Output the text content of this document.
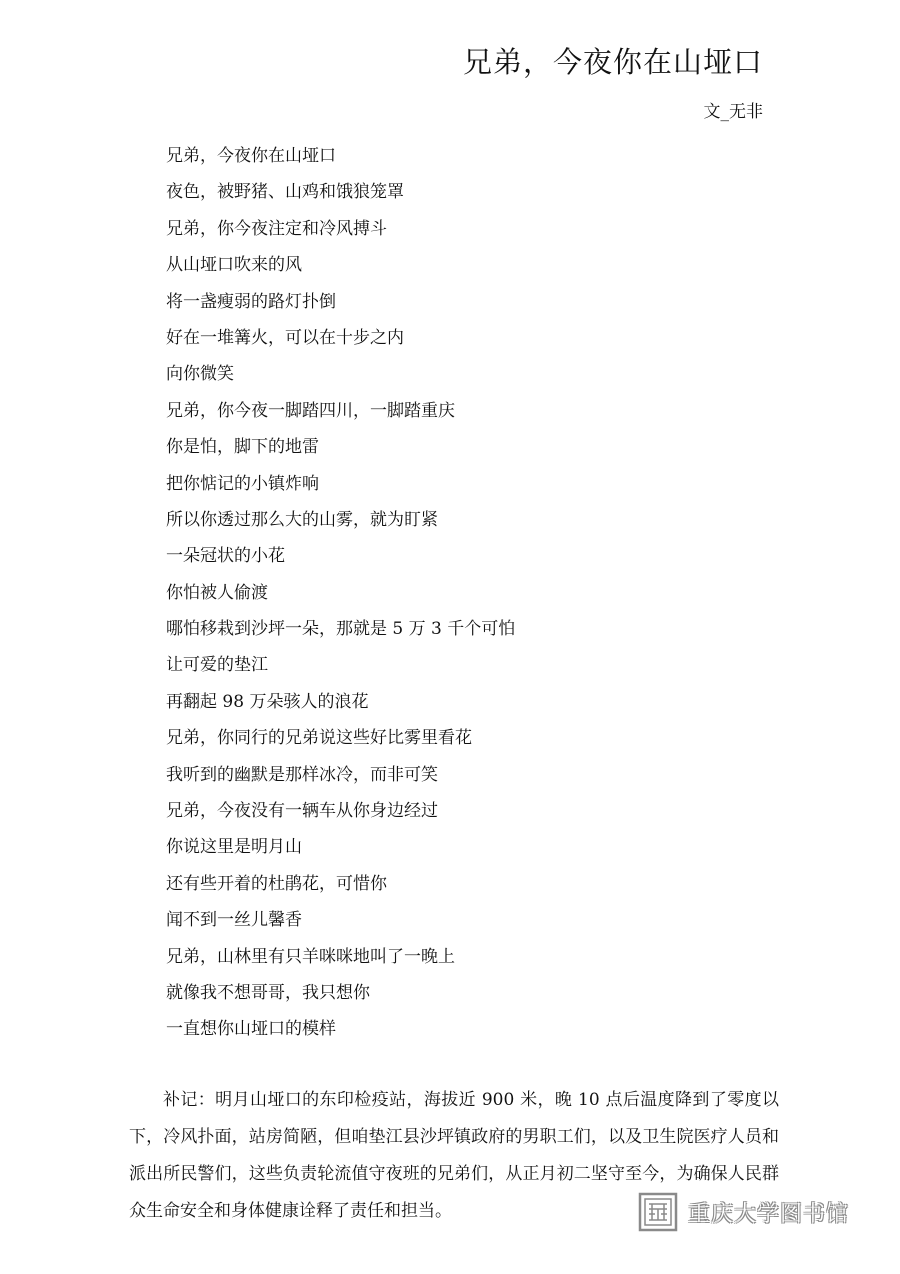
兄弟，今夜你在山垭口
文_无非
兄弟，今夜你在山垭口
夜色，被野猪、山鸡和饿狼笼罩
兄弟，你今夜注定和冷风搏斗
从山垭口吹来的风
将一盏瘦弱的路灯扑倒
好在一堆篝火，可以在十步之内
向你微笑
兄弟，你今夜一脚踏四川，一脚踏重庆
你是怕，脚下的地雷
把你惦记的小镇炸响
所以你透过那么大的山雾，就为盯紧
一朵冠状的小花
你怕被人偷渡
哪怕移栽到沙坪一朵，那就是 5 万 3 千个可怕
让可爱的垫江
再翻起 98 万朵骇人的浪花
兄弟，你同行的兄弟说这些好比雾里看花
我听到的幽默是那样冰冷，而非可笑
兄弟，今夜没有一辆车从你身边经过
你说这里是明月山
还有些开着的杜鹃花，可惜你
闻不到一丝儿馨香
兄弟，山林里有只羊咪咪地叫了一晚上
就像我不想哥哥，我只想你
一直想你山垭口的模样

补记：明月山垭口的东印检疫站，海拔近 900 米，晚 10 点后温度降到了零度以下，冷风扑面，站房简陋，但咱垫江县沙坪镇政府的男职工们，以及卫生院医疗人员和派出所民警们，这些负责轮流值守夜班的兄弟们，从正月初二坚守至今，为确保人民群众生命安全和身体健康诠释了责任和担当。	重庆大学图书馆
